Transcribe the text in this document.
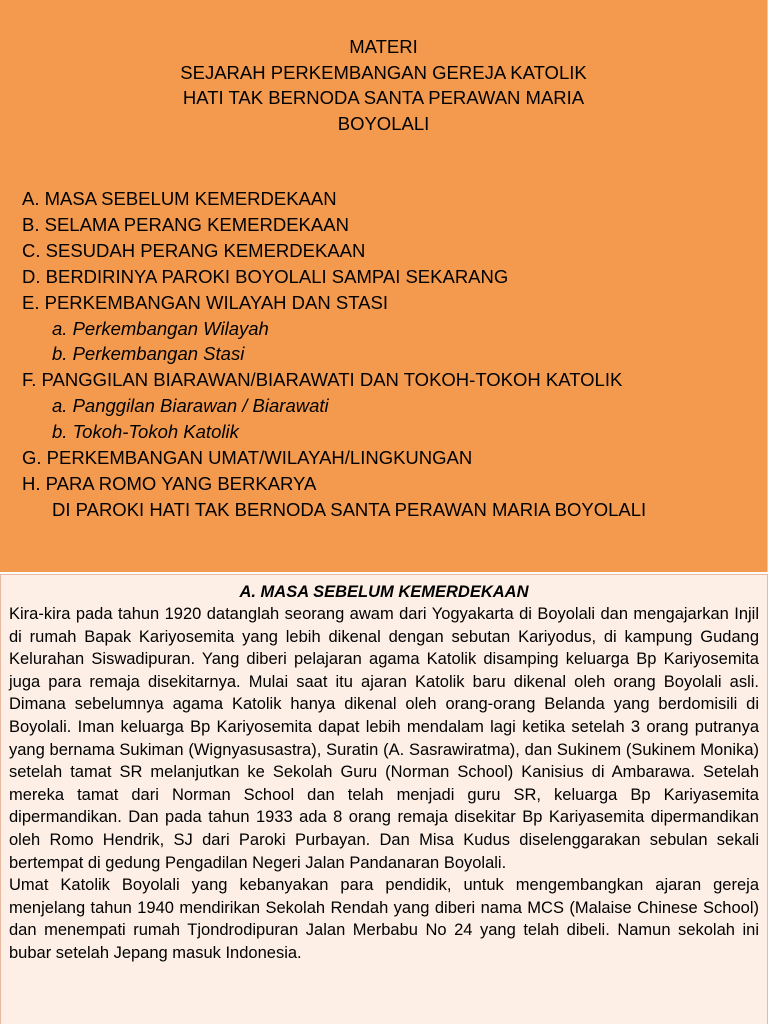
MATERI
SEJARAH PERKEMBANGAN GEREJA KATOLIK
HATI TAK BERNODA SANTA PERAWAN MARIA
BOYOLALI
A. MASA SEBELUM KEMERDEKAAN
B. SELAMA PERANG KEMERDEKAAN
C. SESUDAH PERANG KEMERDEKAAN
D. BERDIRINYA PAROKI BOYOLALI SAMPAI SEKARANG
E. PERKEMBANGAN WILAYAH DAN STASI
a. Perkembangan Wilayah
b. Perkembangan Stasi
F. PANGGILAN BIARAWAN/BIARAWATI DAN TOKOH-TOKOH KATOLIK
a. Panggilan Biarawan / Biarawati
b. Tokoh-Tokoh Katolik
G. PERKEMBANGAN UMAT/WILAYAH/LINGKUNGAN
H. PARA ROMO YANG BERKARYA
DI PAROKI HATI TAK BERNODA SANTA PERAWAN MARIA BOYOLALI
A. MASA SEBELUM KEMERDEKAAN
Kira-kira pada tahun 1920 datanglah seorang awam dari Yogyakarta di Boyolali dan mengajarkan Injil di rumah Bapak Kariyosemita yang lebih dikenal dengan sebutan Kariyodus, di kampung Gudang Kelurahan Siswadipuran. Yang diberi pelajaran agama Katolik disamping keluarga Bp Kariyosemita juga para remaja disekitarnya. Mulai saat itu ajaran Katolik baru dikenal oleh orang Boyolali asli. Dimana sebelumnya agama Katolik hanya dikenal oleh orang-orang Belanda yang berdomisili di Boyolali. Iman keluarga Bp Kariyosemita dapat lebih mendalam lagi ketika setelah 3 orang putranya yang bernama Sukiman (Wignyasusastra), Suratin (A. Sasrawiratma), dan Sukinem (Sukinem Monika) setelah tamat SR melanjutkan ke Sekolah Guru (Norman School) Kanisius di Ambarawa. Setelah mereka tamat dari Norman School dan telah menjadi guru SR, keluarga Bp Kariyasemita dipermandikan. Dan pada tahun 1933 ada 8 orang remaja disekitar Bp Kariyasemita dipermandikan oleh Romo Hendrik, SJ dari Paroki Purbayan. Dan Misa Kudus diselenggarakan sebulan sekali bertempat di gedung Pengadilan Negeri Jalan Pandanaran Boyolali.
Umat Katolik Boyolali yang kebanyakan para pendidik, untuk mengembangkan ajaran gereja menjelang tahun 1940 mendirikan Sekolah Rendah yang diberi nama MCS (Malaise Chinese School) dan menempati rumah Tjondrodipuran Jalan Merbabu No 24 yang telah dibeli. Namun sekolah ini bubar setelah Jepang masuk Indonesia.
